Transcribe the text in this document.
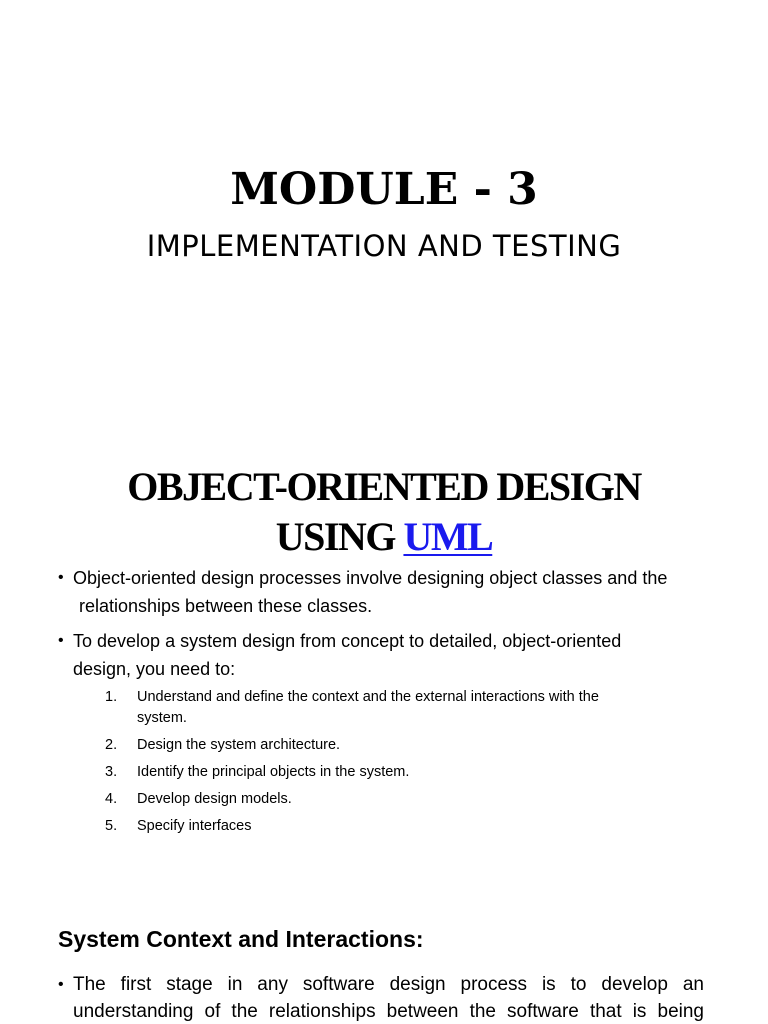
MODULE - 3
IMPLEMENTATION AND TESTING
OBJECT-ORIENTED DESIGN
USING UML
• Object-oriented design processes involve designing object classes and the
relationships between these classes.
• To develop a system design from concept to detailed, object-oriented
design, you need to:
1. Understand and define the context and the external interactions with the
system.
2. Design the system architecture.
3. Identify the principal objects in the system.
4. Develop design models.
5. Specify interfaces
System Context and Interactions:
• The first stage in any software design process is to develop an
understanding of the relationships between the software that is being
